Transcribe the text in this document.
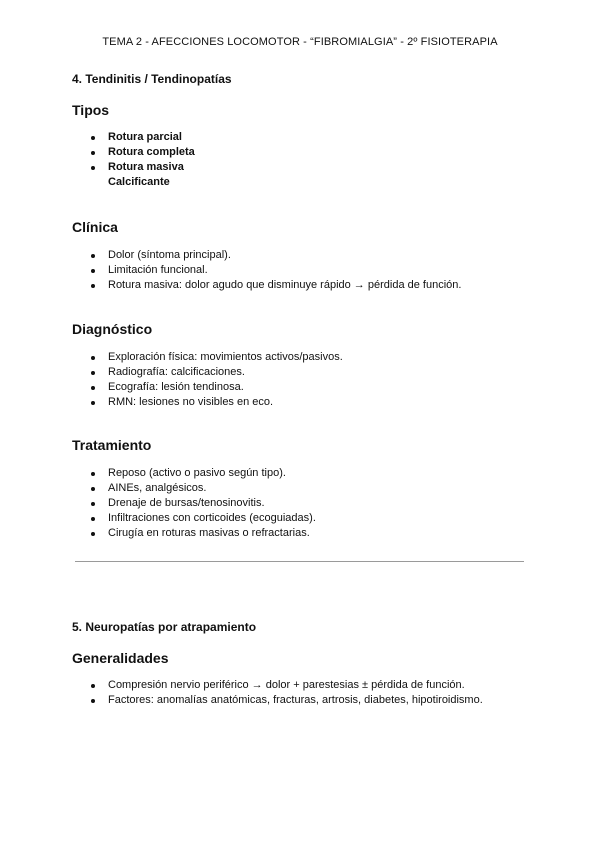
TEMA 2 - AFECCIONES LOCOMOTOR - “FIBROMIALGIA” - 2º FISIOTERAPIA
4. Tendinitis / Tendinopatías
Tipos
Rotura parcial
Rotura completa
Rotura masiva
Calcificante
Clínica
Dolor (síntoma principal).
Limitación funcional.
Rotura masiva: dolor agudo que disminuye rápido → pérdida de función.
Diagnóstico
Exploración física: movimientos activos/pasivos.
Radiografía: calcificaciones.
Ecografía: lesión tendinosa.
RMN: lesiones no visibles en eco.
Tratamiento
Reposo (activo o pasivo según tipo).
AINEs, analgésicos.
Drenaje de bursas/tenosinovitis.
Infiltraciones con corticoides (ecoguiadas).
Cirugía en roturas masivas o refractarias.
5. Neuropatías por atrapamiento
Generalidades
Compresión nervio periférico → dolor + parestesias ± pérdida de función.
Factores: anomalías anatómicas, fracturas, artrosis, diabetes, hipotiroidismo.
